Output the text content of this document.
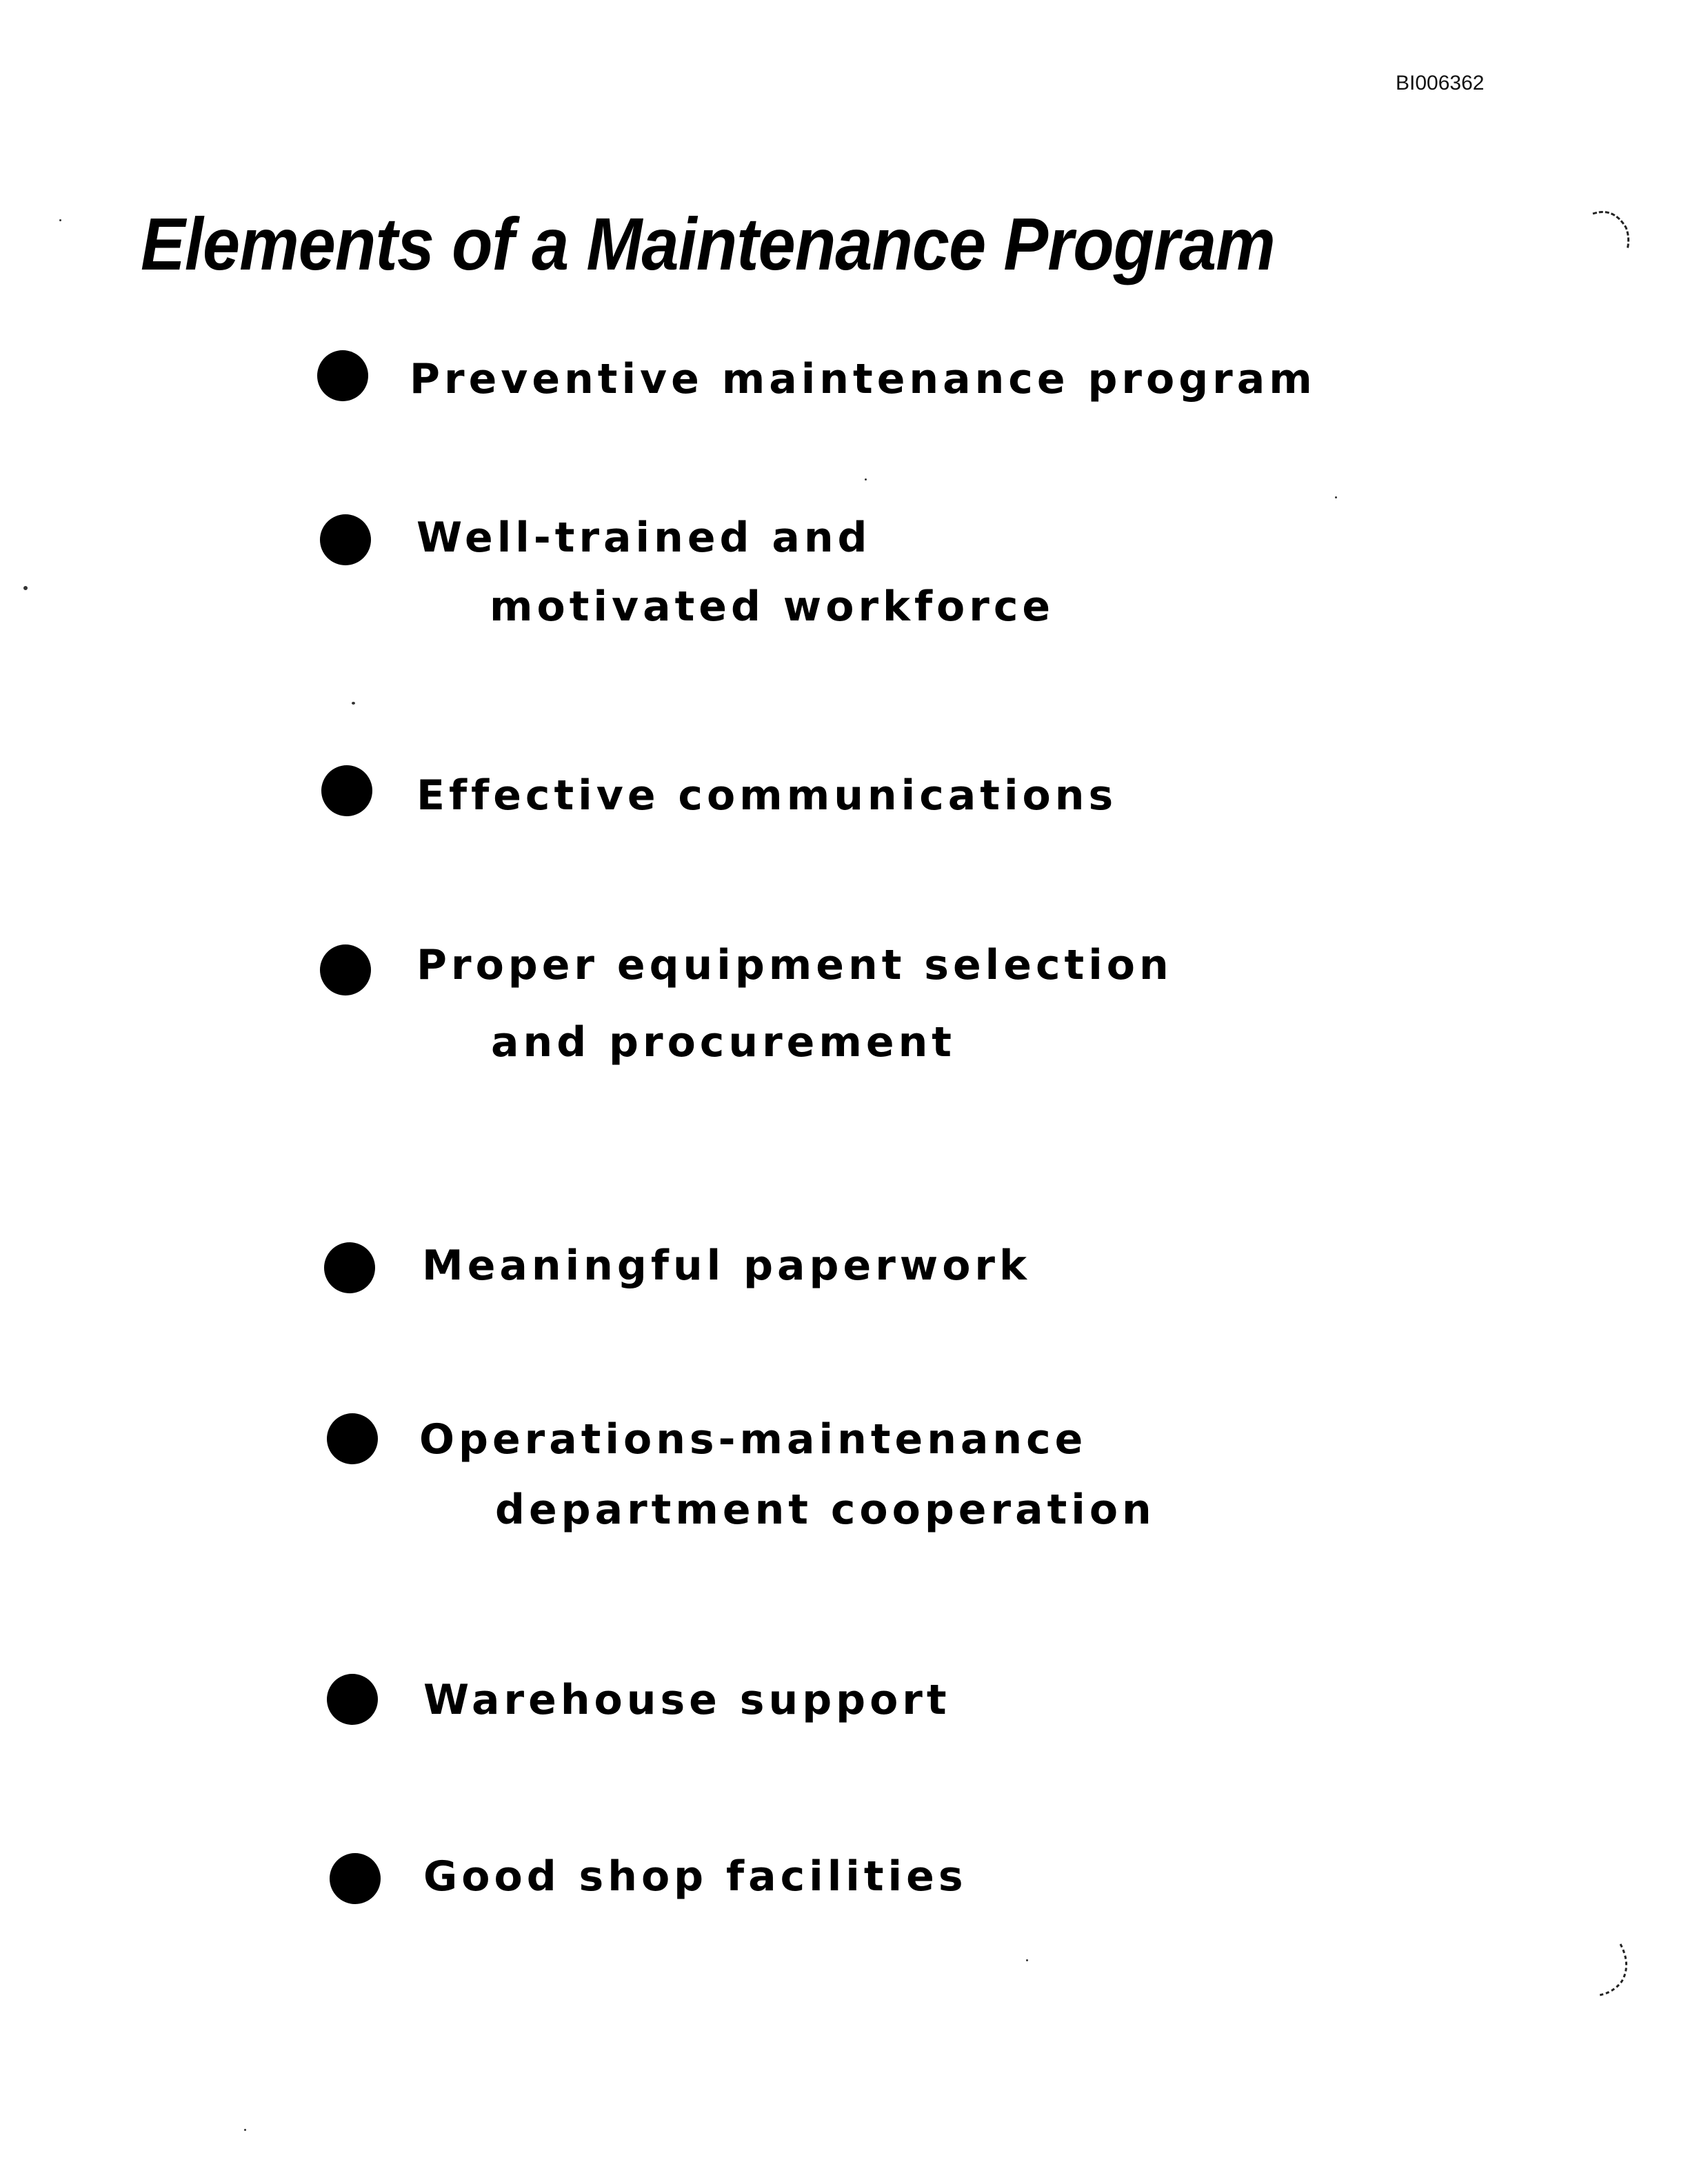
BI006362
Elements of a Maintenance Program
Preventive maintenance program
Well-trained and
motivated workforce
Effective communications
Proper equipment selection
and procurement
Meaningful paperwork
Operations-maintenance
department cooperation
Warehouse support
Good shop facilities
